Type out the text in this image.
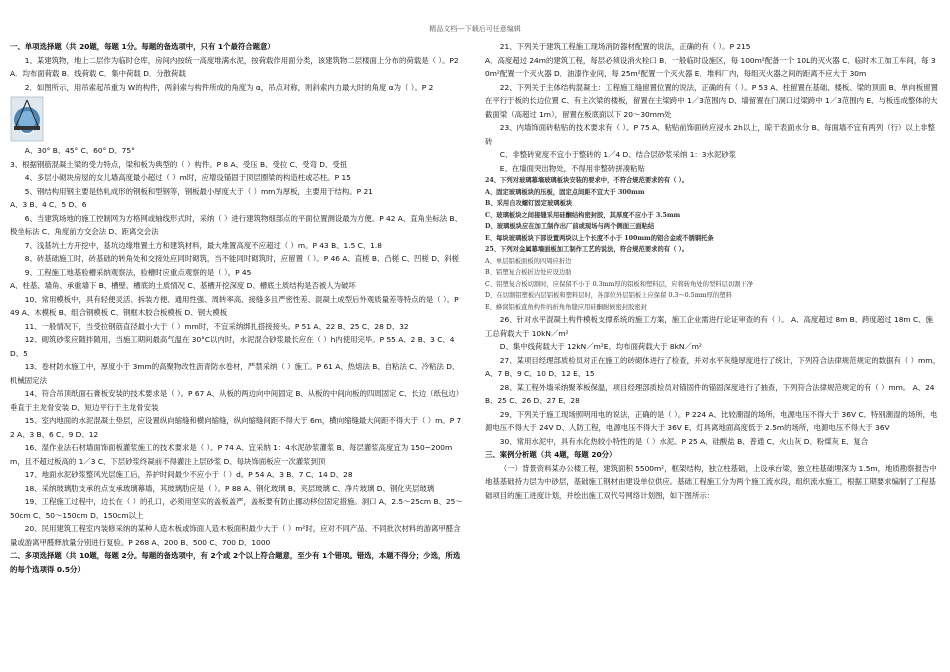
精品文档---下载后可任意编辑

一、单项选择题（共 20题，每题 1分。每题的备选项中，只有 1个最符合题意）

1、某建筑物，地上二层作为临时仓库，房间内按统一高度堆满水泥，按荷载作用面分类，该建筑物二层楼面上分布的荷载是（ ）。P2A．均布面荷载 B．线荷载 C．集中荷载 D．分散荷载

2．如图所示，用吊索起吊重为 W的构件，两斜索与构件所成的角度为 α，吊点对称，则斜索内力最大时的角度 α为（ ）。P 2

A、30° B、45° C、60° D、75°

3、根据钢筋混凝土梁的受力特点，梁和板为典型的（ ）构件。P 8 A、受压 B、受拉 C、受弯 D、受扭

4、多层小砌块房屋的女儿墙高度最小超过（ ）m时，应增设锚固于顶层圈梁的构造柱或芯柱。P 15

5、钢结构用钢主要是热轧成形的钢板和型钢等，钢板最小厚度大于（ ）mm为厚板，主要用于结构。P 21

A、3 B、4 C、5 D、6

6、当建筑场地的施工控制网为方格网或轴线形式时，采纳（ ）进行建筑物细部点的平面位置测设最为方便。P 42 A、直角坐标法 B、极坐标法 C、角度前方交会法 D、距离交会法

7、浅基坑土方开挖中，基坑边缘堆置土方和建筑材料，最大堆置高度不应超过（ ）m。P 43 B、1.5 C、1.8

8、砖基础施工时，砖基础的转角处和交接处应同时砌筑，当不能同时砌筑时，应留置（ ）。P 46 A、直槎 B、凸槎 C、凹槎 D、斜槎

9、工程施工地基验槽采纳观察法，验槽时应重点观察的是（ ）。P 45

A、柱基、墙角、承重墙下 B、槽壁、槽底的土质情况 C、基槽开挖深度 D、槽底土质结构是否被人为破坏

10、常用模板中，具有轻便灵活、拆装方便、通用性强、周转率高、接缝多且严密性差、混凝土成型后外观质量差等特点的是（ ）。P 49 A、木模板 B、组合钢模板 C、钢框木胶合板模板 D、钢大模板

11、一般情况下，当受拉钢筋直径最小大于（ ）mm时，不宜采纳绑扎搭接接头。P 51 A、22 B、25 C、28 D、32

12、砌筑砂浆应随拌随用，当施工期间最高气温在 30°C以内时，水泥混合砂浆最长应在（ ）h内使用完毕。P 55 A、2 B、3 C、4 D、5

13、卷材防水施工中，厚度小于 3mm的高聚物改性沥青防水卷材，严禁采纳（ ）施工。P 61 A、热熔法 B、自粘法 C、冷粘法 D、机械固定法

14、符合吊顶纸面石膏板安装的技术要求是（ ）。P 67 A、从板的两边向中间固定 B、从板的中间向板的四周固定 C、长边（纸包边）垂直于主龙骨安装 D、短边平行于主龙骨安装

15、室内地面的水泥混凝土垫层，应设置纵向缩缝和横向缩缝，纵向缩缝间距不得大于 6m，横向缩缝最大间距不得大于（ ）m。P 72 A、3 B、6 C、9 D、12

16、湿作业法石材墙面饰面板灌浆施工的技术要求是（ ）。P 74 A、宜采纳 1：4水泥砂浆灌浆 B、每层灌浆高度宜为 150~200mm，且不超过板高的 1／3 C、下层砂浆终凝前不得灌注上层砂浆 D、每块饰面板应一次灌浆到顶

17、地面水泥砂浆整风光层施工后，养护时间最少不应小于（ ）d。P 54 A、3 B、7 C、14 D、28

18、采纳玻璃肋支承的点支承玻璃幕墙，其玻璃肋应是（ ）。P 88 A、钢化玻璃 B、夹层玻璃 C、净片玻璃 D、钢化夹层玻璃

19、工程施工过程中，边长在（ ）的孔口，必须用坚实的盖板盖严，盖板要有防止挪动移位固定措施。洞口 A、2.5～25cm B、25～50cm C、50～150cm D、150cm以上

20、民用建筑工程室内装修采纳的某种人造木板或饰面人造木板面积最少大于（ ）m²时，应对不同产品、不同批次材料的游离甲醛含量或游离甲醛释放量分别进行复验。P 268 A、200 B、500 C、700 D、1000

二、多项选择题（共 10题，每题 2分。每题的备选项中，有 2个或 2个以上符合题意，至少有 1个错项。错选，本题不得分；少选，所选的每个选项得 0.5分）

21、下列关于建筑工程施工现场消防器材配置的说法，正确的有（ ）。P 215

A．高度超过 24m的建筑工程，每层必须设消火栓口 B．一般临时设施区，每 100m²配备一个 10L的灭火器 C．临时木工加工车间，每 30m²配置一个灭火器 D．油漆作业间，每 25m²配置一个灭火器 E．堆料厂内，每组灭火器之间的距离不应大于 30m

22、下列关于主体结构混凝土：工程施工缝留置位置的说法，正确的有（ ）。P 53 A、柱留置在基础、楼板、梁的顶面 B、单向板留置在平行于板的长边位置 C、有主次梁的楼板，留置在主梁跨中 1／3范围内 D、墙留置在门洞口过梁跨中 1／3范围内 E、与板连成整体的大截面梁（高超过 1m），留置在板底面以下 20～30mm处

23、内墙饰面砖粘贴的技术要求有（ ）。P 75 A、粘贴前饰面砖应浸水 2h以上，晾干表面水分 B、每面墙不宜有两列（行）以上非整砖

C、非整砖宽度不宜小于整砖的 1／4 D、结合层砂浆采纳 1：3水泥砂浆

E、在墙面突出物处，不得用非整砖拼凑粘贴

24、下列对玻璃幕墙玻璃板块安装的要求中，不符合规范要求的有（ ）。

A、固定玻璃板块的压板，固定点间距不宜大于 300mm

B、采用自攻螺钉固定玻璃板块

C、玻璃板块之间接缝采用硅酮结构密封胶，其厚度不应小于 3.5mm

D、玻璃板块应在加工制作出厂前或现场与两个侧面三面粘结

E、每块玻璃板块下部设置两块以上个长度不小于 100mm的铝合金或不锈钢托条

25、下列对金属幕墙面板加工制作工艺的说法，符合规范要求的有（ ）。

A、单层铝板面板的四周应折边

B、铝塑复合板折边处应设边肋

C、铝塑复合板切割时，应保留不小于 0.3mm厚的铝板和塑料层，应将转角处的型料层切割干净

D、在切割铝塑板内层铝板和塑料层时，各部位外层铝板上应保留 0.3～0.5mm厚的塑料

E、蜂窝铝板直角构件的折角角缝应用硅酮耐候密封胶密封

26、针对水平混凝土构件模板支撑系统的施工方案，施工企业需进行论证审查的有（ ）。 A、高度超过 8m B、跨度超过 18m C、施工总荷载大于 10kN／m²

D、集中线荷载大于 12kN／m²E、均布面荷载大于 8kN／m²

27、某项目经理部质检员对正在施工的砖砌体进行了检查，并对水平灰缝厚度进行了统计，下列符合法律规范规定的数据有（ ）mm。 A、7 B、9 C、10 D、12 E、15

28、某工程外墙采纳聚苯板保温，项目经理部质检员对锚固件的锚固深度进行了抽查，下列符合法律规范规定的有（ ）mm。 A、24 B、25 C、26 D、27 E、28

29、下列关于施工现场照明用电的说法，正确的是（ ）。P 224 A、比较潮湿的场所，电源电压不得大于 36V C、特别潮湿的场所，电源电压不得大于 24V D、人防工程，电源电压不得大于 36V E、灯具离地面高度低于 2.5m的场所，电源电压不得大于 36V

30、常用水泥中，具有水化热较小特性的是（ ）水泥。P 25 A、硅酸盐 B、普通 C、火山灰 D、粉煤灰 E、复合

三、案例分析题（共 4题，每题 20分）

（一）背景资料某办公楼工程，建筑面积 5500m²，框架结构，独立柱基础，上设承台梁，独立柱基础埋深为 1.5m，地质勘察报告中地基基础持力层为中砂层，基础施工钢材由建设单位供应。基础工程施工分为两个施工流水段，组织流水施工，根据工期要求编制了工程基础项目的施工进度计划，并绘出施工双代号网络计划图，如下图所示：
